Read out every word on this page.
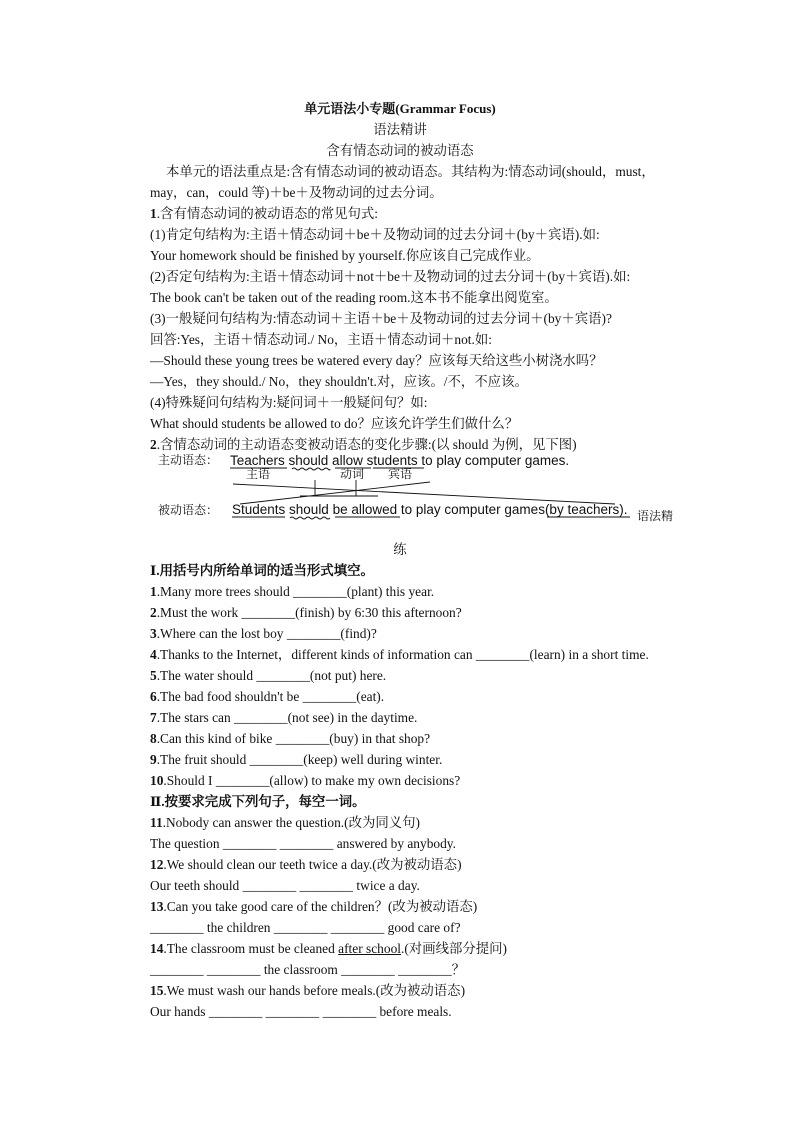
单元语法小专题(Grammar Focus)
语法精讲
含有情态动词的被动语态
本单元的语法重点是:含有情态动词的被动语态。其结构为:情态动词(should，must，
may，can，could 等)＋be＋及物动词的过去分词。
1.含有情态动词的被动语态的常见句式:
(1)肯定句结构为:主语＋情态动词＋be＋及物动词的过去分词＋(by＋宾语).如:
Your homework should be finished by yourself.你应该自己完成作业。
(2)否定句结构为:主语＋情态动词＋not＋be＋及物动词的过去分词＋(by＋宾语).如:
The book can't be taken out of the reading room.这本书不能拿出阅览室。
(3)一般疑问句结构为:情态动词＋主语＋be＋及物动词的过去分词＋(by＋宾语)?
回答:Yes，主语＋情态动词./ No，主语＋情态动词＋not.如:
—Should these young trees be watered every day？应该每天给这些小树浇水吗？
—Yes，they should./ No，they shouldn't.对，应该。/不，不应该。
(4)特殊疑问句结构为:疑问词＋一般疑问句？如:
What should students be allowed to do？应该允许学生们做什么？
2.含情态动词的主动语态变被动语态的变化步骤:(以 should 为例，见下图)
主动语态： Teachers should allow students to play computer games.
主语	动词 宾语
被动语态： Students should be allowed to play computer games(by teachers). 语法精
练
Ⅰ.用括号内所给单词的适当形式填空。
1.Many more trees should ________(plant) this year.
2.Must the work ________(finish) by 6:30 this afternoon?
3.Where can the lost boy ________(find)?
4.Thanks to the Internet，different kinds of information can ________(learn) in a short time.
5.The water should ________(not put) here.
6.The bad food shouldn't be ________(eat).
7.The stars can ________(not see) in the daytime.
8.Can this kind of bike ________(buy) in that shop?
9.The fruit should ________(keep) well during winter.
10.Should I ________(allow) to make my own decisions?
Ⅱ.按要求完成下列句子，每空一词。
11.Nobody can answer the question.(改为同义句)
The question ________ ________ answered by anybody.
12.We should clean our teeth twice a day.(改为被动语态)
Our teeth should ________ ________ twice a day.
13.Can you take good care of the children？(改为被动语态)
________ the children ________ ________ good care of?
14.The classroom must be cleaned after school.(对画线部分提问)
________ ________ the classroom ________ ________？
15.We must wash our hands before meals.(改为被动语态)
Our hands ________ ________ ________ before meals.
